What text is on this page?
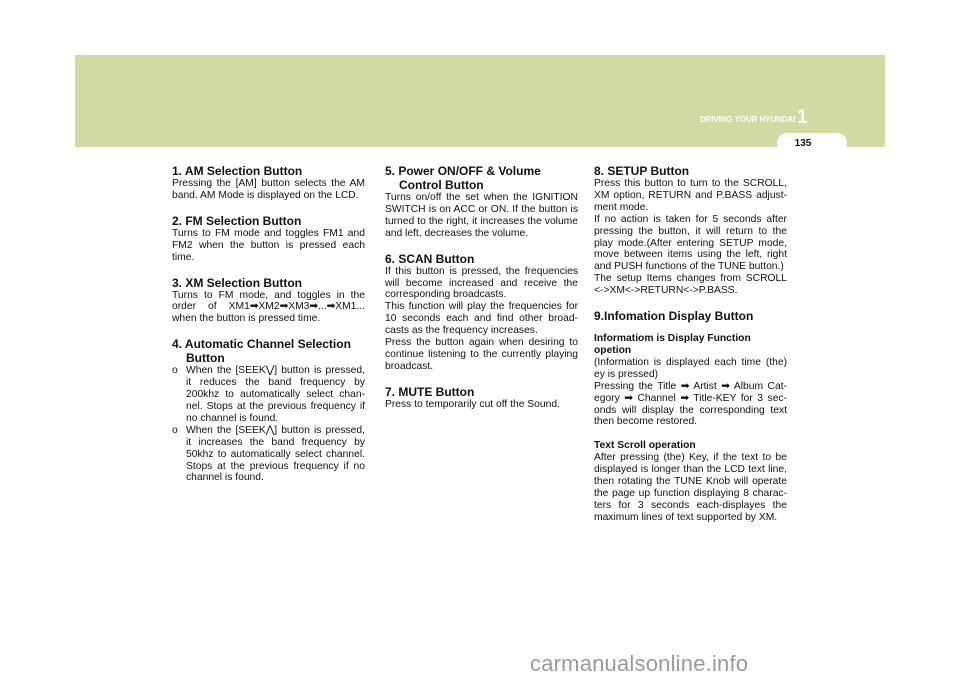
DRIVING YOUR HYUNDAI 1
135

1. AM Selection Button

Pressing the [AM] button selects the AM band. AM Mode is displayed on the LCD.

2. FM Selection Button

Turns to FM mode and toggles FM1 and FM2 when the button is pressed each time.

3. XM Selection Button

Turns to FM mode, and toggles in the order of XM1➡XM2➡XM3➡...➡XM1... when the button is pressed time.

4. Automatic Channel Selection Button

o When the [SEEK⋁] button is pressed, it reduces the band frequency by 200khz to automatically select chan- nel. Stops at the previous frequency if no channel is found.
o When the [SEEK⋀] button is pressed, it increases the band frequency by 50khz to automatically select channel. Stops at the previous frequency if no channel is found.

5. Power ON/OFF & Volume Control Button

Turns on/off the set when the IGNITION SWITCH is on ACC or ON. If the button is turned to the right, it increases the volume and left, decreases the volume.

6. SCAN Button

If this button is pressed, the frequencies will become increased and receive the corresponding broadcasts.

This function will play the frequencies for 10 seconds each and find other broad- casts as the frequency increases.

Press the button again when desiring to continue listening to the currently playing broadcast.

7. MUTE Button

Press to temporarily cut off the Sound.

8. SETUP Button

Press this button to turn to the SCROLL, XM option, RETURN and P.BASS adjust- ment mode.

If no action is taken for 5 seconds after pressing the button, it will return to the play mode.(After entering SETUP mode, move between items using the left, right and PUSH functions of the TUNE button.)

The setup Items changes from SCROLL <->XM<->RETURN<->P.BASS.

9.Infomation Display Button

Informatiom is Display Function opetion

(Information is displayed each time (the) ey is pressed)

Pressing the Title ➡ Artist ➡ Album Cat- egory ➡ Channel ➡ Title-KEY for 3 sec- onds will display the corresponding text then become restored.

Text Scroll operation

After pressing (the) Key, if the text to be displayed is longer than the LCD text line, then rotating the TUNE Knob will operate the page up function displaying 8 charac- ters for 3 seconds each-displayes the maximum lines of text supported by XM.

carmanualsonline.info
